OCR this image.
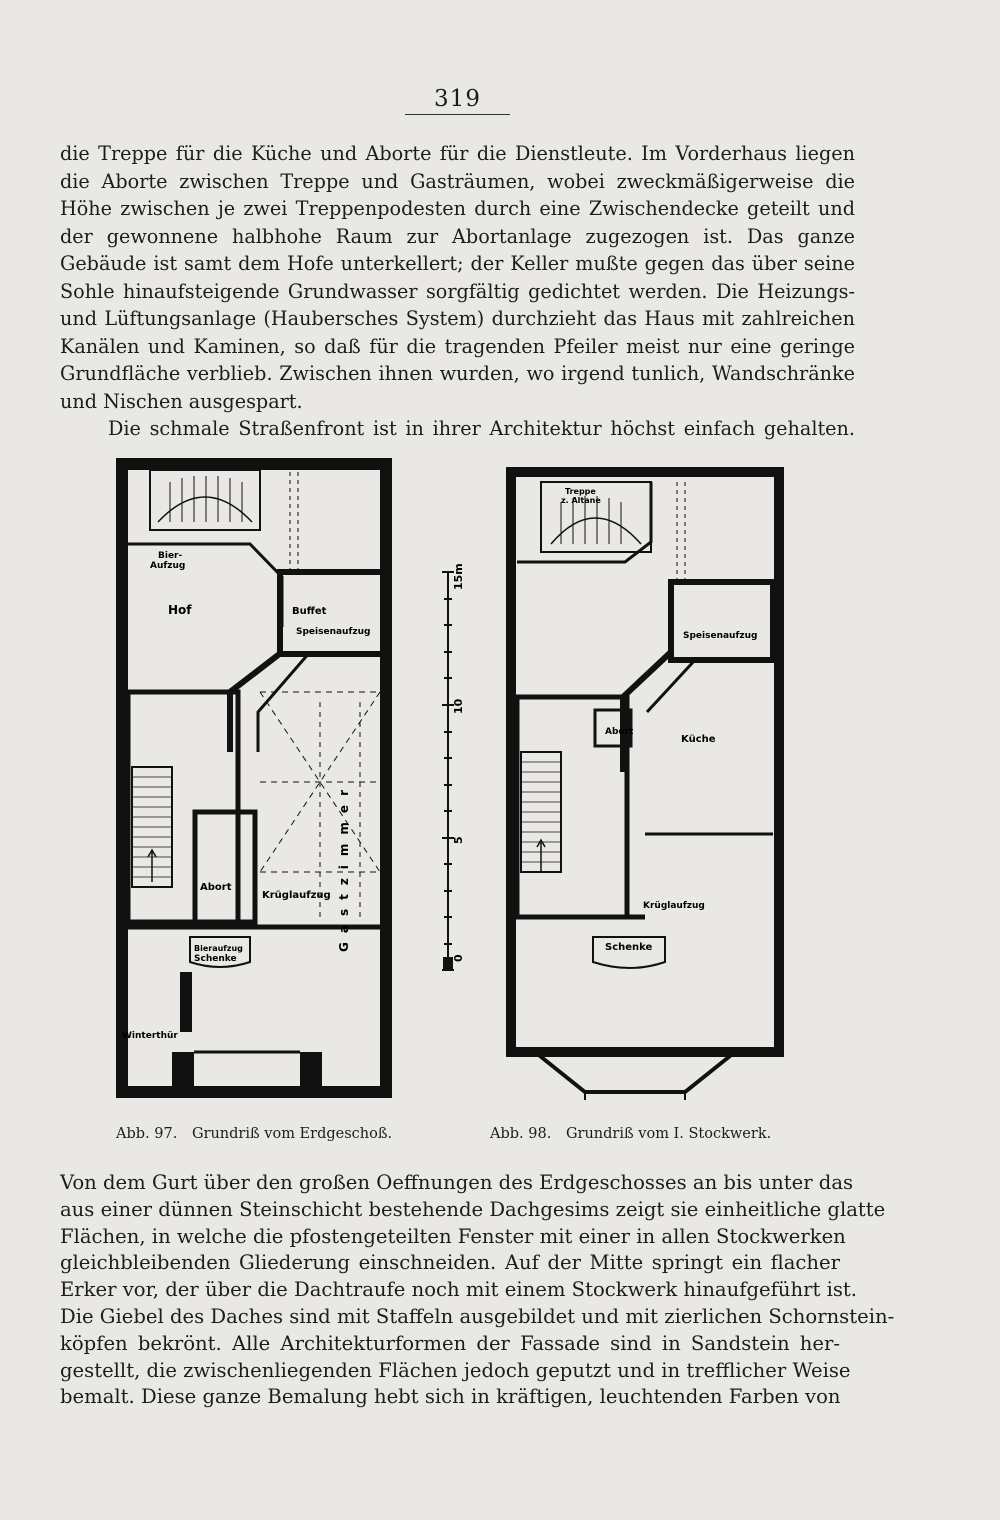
319
die Treppe für die Küche und Aborte für die Dienstleute. Im Vorderhaus liegen
die Aborte zwischen Treppe und Gasträumen, wobei zweckmäßigerweise die
Höhe zwischen je zwei Treppenpodesten durch eine Zwischendecke geteilt und
der gewonnene halbhohe Raum zur Abortanlage zugezogen ist. Das ganze
Gebäude ist samt dem Hofe unterkellert; der Keller mußte gegen das über seine
Sohle hinaufsteigende Grundwasser sorgfältig gedichtet werden. Die Heizungs-
und Lüftungsanlage (Haubersches System) durchzieht das Haus mit zahlreichen
Kanälen und Kaminen, so daß für die tragenden Pfeiler meist nur eine geringe
Grundfläche verblieb. Zwischen ihnen wurden, wo irgend tunlich, Wandschränke
und Nischen ausgespart.
Die schmale Straßenfront ist in ihrer Architektur höchst einfach gehalten.
Bier-
Aufzug
Hof	Buffet
Speisenaufzug
Abort
Krüglaufzug Gastzimmer
Bieraufzug
Schenke
Winterthür
15m
10
5
0
Treppe
z. Altane
Speisenaufzug
Abort
Küche
Krüglaufzug
Schenke
Abb. 97. Grundriß vom Erdgeschoß.	Abb. 98. Grundriß vom I. Stockwerk.
Von dem Gurt über den großen Oeffnungen des Erdgeschosses an bis unter das
aus einer dünnen Steinschicht bestehende Dachgesims zeigt sie einheitliche glatte
Flächen, in welche die pfostengeteilten Fenster mit einer in allen Stockwerken
gleichbleibenden Gliederung einschneiden. Auf der Mitte springt ein flacher
Erker vor, der über die Dachtraufe noch mit einem Stockwerk hinaufgeführt ist.
Die Giebel des Daches sind mit Staffeln ausgebildet und mit zierlichen Schornstein-
köpfen bekrönt. Alle Architekturformen der Fassade sind in Sandstein her-
gestellt, die zwischenliegenden Flächen jedoch geputzt und in trefflicher Weise
bemalt. Diese ganze Bemalung hebt sich in kräftigen, leuchtenden Farben von
